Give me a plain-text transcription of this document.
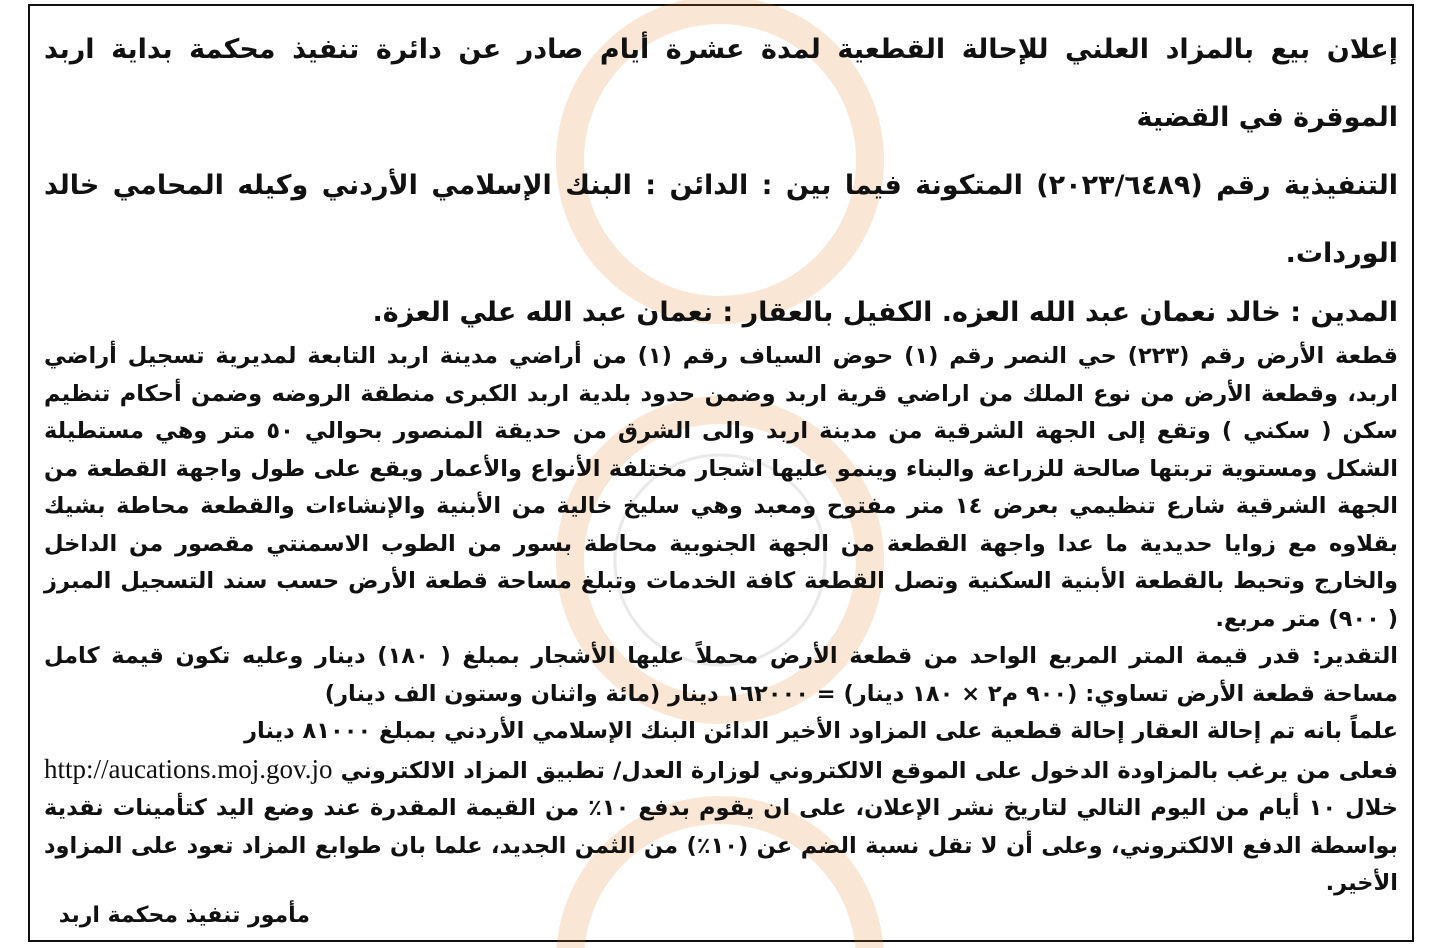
إعلان بيع بالمزاد العلني للإحالة القطعية لمدة عشرة أيام صادر عن دائرة تنفيذ محكمة بداية اربد الموقرة في القضية
التنفيذية رقم (٢٠٢٣/٦٤٨٩) المتكونة فيما بين : الدائن : البنك الإسلامي الأردني وكيله المحامي خالد الوردات.
المدين : خالد نعمان عبد الله العزه. الكفيل بالعقار : نعمان عبد الله علي العزة.

قطعة الأرض رقم (٢٢٣) حي النصر رقم (١) حوض السياف رقم (١) من أراضي مدينة اربد التابعة لمديرية تسجيل أراضي اربد، وقطعة الأرض من نوع الملك من اراضي قرية اربد وضمن حدود بلدية اربد الكبرى منطقة الروضه وضمن أحكام تنظيم سكن ( سكني ) وتقع إلى الجهة الشرقية من مدينة اربد والى الشرق من حديقة المنصور بحوالي ٥٠ متر وهي مستطيلة الشكل ومستوية تربتها صالحة للزراعة والبناء وينمو عليها اشجار مختلفة الأنواع والأعمار ويقع على طول واجهة القطعة من الجهة الشرقية شارع تنظيمي بعرض ١٤ متر مفتوح ومعبد وهي سليخ خالية من الأبنية والإنشاءات والقطعة محاطة بشيك بقلاوه مع زوايا حديدية ما عدا واجهة القطعة من الجهة الجنوبية محاطة بسور من الطوب الاسمنتي مقصور من الداخل والخارج وتحيط بالقطعة الأبنية السكنية وتصل القطعة كافة الخدمات وتبلغ مساحة قطعة الأرض حسب سند التسجيل المبرز ( ٩٠٠) متر مربع.

التقدير: قدر قيمة المتر المربع الواحد من قطعة الأرض محملاً عليها الأشجار بمبلغ ( ١٨٠) دينار وعليه تكون قيمة كامل مساحة قطعة الأرض تساوي: (٩٠٠ م٢ × ١٨٠ دينار) = ١٦٢٠٠٠ دينار (مائة واثنان وستون الف دينار)

علماً بانه تم إحالة العقار إحالة قطعية على المزاود الأخير الدائن البنك الإسلامي الأردني بمبلغ ٨١٠٠٠ دينار

فعلى من يرغب بالمزاودة الدخول على الموقع الالكتروني لوزارة العدل/ تطبيق المزاد الالكتروني http://aucations.moj.gov.jo خلال ١٠ أيام من اليوم التالي لتاريخ نشر الإعلان، على ان يقوم بدفع ١٠٪ من القيمة المقدرة عند وضع اليد كتأمينات نقدية بواسطة الدفع الالكتروني، وعلى أن لا تقل نسبة الضم عن (١٠٪) من الثمن الجديد، علما بان طوابع المزاد تعود على المزاود الأخير.

مأمور تنفيذ محكمة اربد
